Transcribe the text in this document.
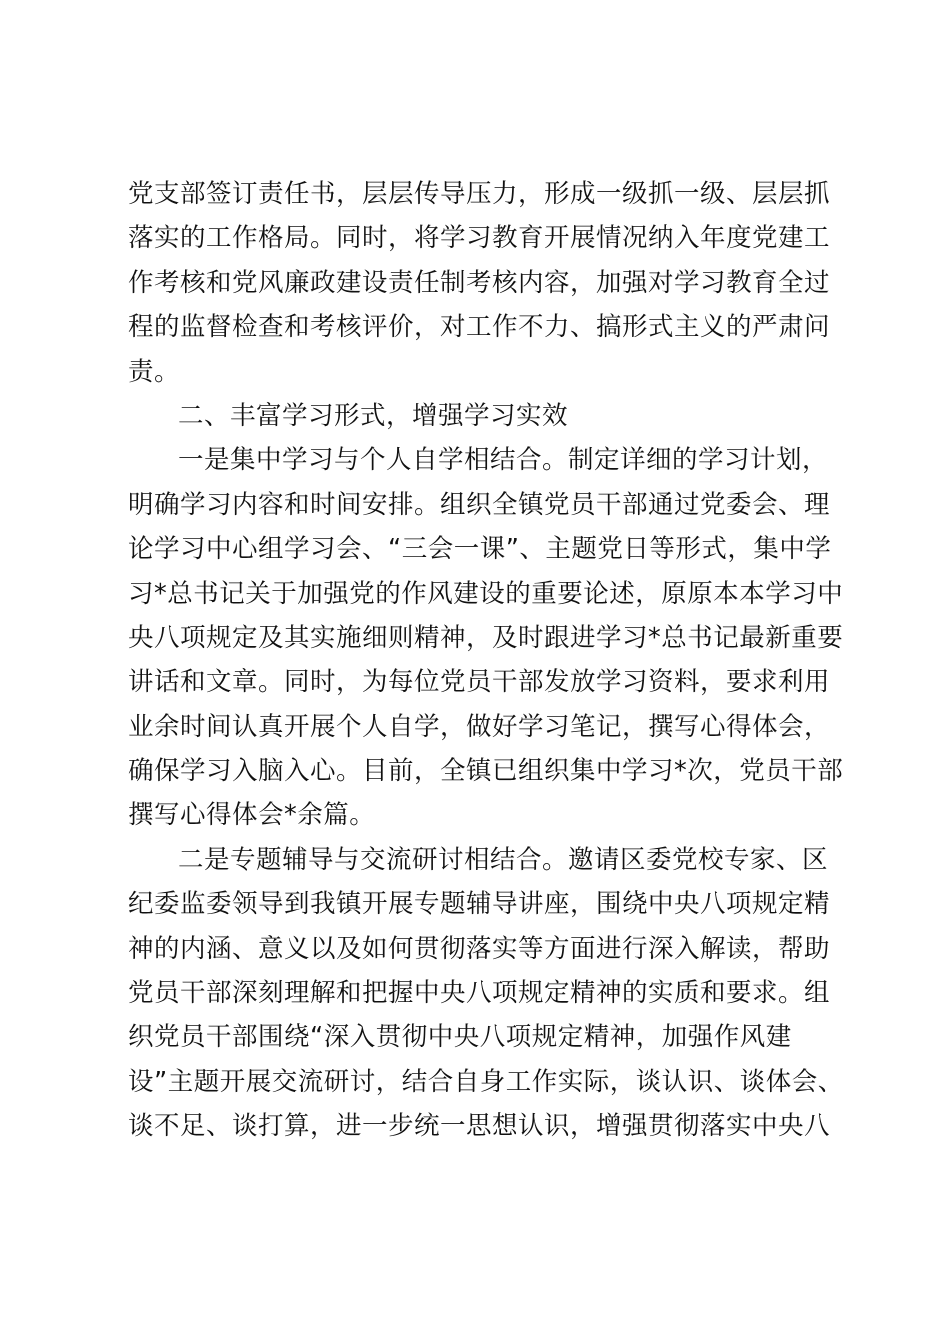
党支部签订责任书，层层传导压力，形成一级抓一级、层层抓
落实的工作格局。同时，将学习教育开展情况纳入年度党建工
作考核和党风廉政建设责任制考核内容，加强对学习教育全过
程的监督检查和考核评价，对工作不力、搞形式主义的严肃问
责。
二、丰富学习形式，增强学习实效
一是集中学习与个人自学相结合。制定详细的学习计划，
明确学习内容和时间安排。组织全镇党员干部通过党委会、理
论学习中心组学习会、“三会一课”、主题党日等形式，集中学
习*总书记关于加强党的作风建设的重要论述，原原本本学习中
央八项规定及其实施细则精神，及时跟进学习*总书记最新重要
讲话和文章。同时，为每位党员干部发放学习资料，要求利用
业余时间认真开展个人自学，做好学习笔记，撰写心得体会，
确保学习入脑入心。目前，全镇已组织集中学习*次，党员干部
撰写心得体会*余篇。
二是专题辅导与交流研讨相结合。邀请区委党校专家、区
纪委监委领导到我镇开展专题辅导讲座，围绕中央八项规定精
神的内涵、意义以及如何贯彻落实等方面进行深入解读，帮助
党员干部深刻理解和把握中央八项规定精神的实质和要求。组
织党员干部围绕“深入贯彻中央八项规定精神，加强作风建
设”主题开展交流研讨，结合自身工作实际，谈认识、谈体会、
谈不足、谈打算，进一步统一思想认识，增强贯彻落实中央八
